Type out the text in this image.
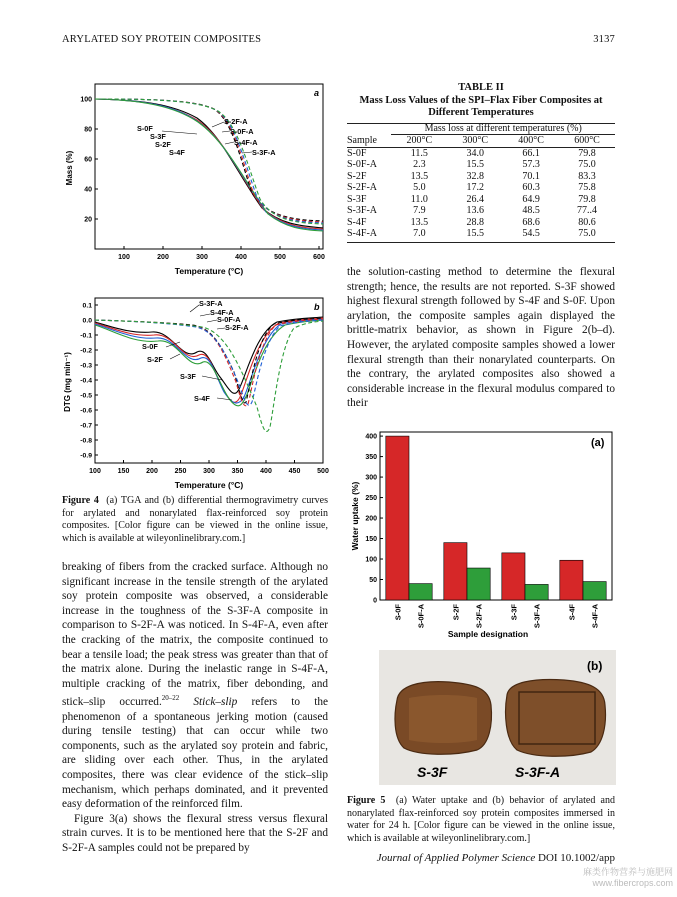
ARYLATED SOY PROTEIN COMPOSITES	3137
a
100
80
60
40
20
100	200	300	400	500	600
Mass (%)
Temperature (°C)
S-2F-A
S-0F	S-0F-A
S-3F
S-4F-A
S-2F
S-3F-A
S-4F
b
0.1
0.0
-0.1
-0.2
-0.3
-0.4
-0.5
-0.6
-0.7
-0.8
-0.9
100 150 200 250 300 350 400 450 500
DTG (mg min⁻¹)
Temperature (°C)
S-3F-A
S-4F-A
S-0F-A
S-2F-A
S-0F
S-2F
S-3F
S-4F
Figure 4 (a) TGA and (b) differential thermogravimetry curves for arylated and nonarylated flax-reinforced soy protein composites. [Color figure can be viewed in the online issue, which is available at wileyonlinelibrary.com.]
breaking of fibers from the cracked surface. Although no significant increase in the tensile strength of the arylated soy protein composite was observed, a considerable increase in the toughness of the S-3F-A composite in comparison to S-2F-A was noticed. In S-4F-A, even after the cracking of the matrix, the composite continued to bear a tensile load; the peak stress was greater than that of the matrix alone. During the inelastic range in S-4F-A, multiple cracking of the matrix, fiber debonding, and stick–slip occurred.$^{20-22}$ Stick–slip refers to the phenomenon of a spontaneous jerking motion (caused during tensile testing) that can occur while two components, such as the arylated soy protein and fabric, are sliding over each other. Thus, in the arylated composites, there was clear evidence of the stick–slip mechanism, which perhaps dominated, and it prevented easy deformation of the reinforced film.
Figure 3(a) shows the flexural stress versus flexural strain curves. It is to be mentioned here that the S-2F and S-2F-A samples could not be prepared by
TABLE II
Mass Loss Values of the SPI–Flax Fiber Composites at Different Temperatures
	Mass loss at different temperatures (%)			
Sample	200°C	300°C	400°C	600°C
S-0F	11.5	34.0	66.1	79.8
S-0F-A	2.3	15.5	57.3	75.0
S-2F	13.5	32.8	70.1	83.3
S-2F-A	5.0	17.2	60.3	75.8
S-3F	11.0	26.4	64.9	79.8
S-3F-A	7.9	13.6	48.5	77..4
S-4F	13.5	28.8	68.6	80.6
S-4F-A	7.0	15.5	54.5	75.0
the solution-casting method to determine the flexural strength; hence, the results are not reported. S-3F showed highest flexural strength followed by S-4F and S-0F. Upon arylation, the composite samples again displayed the brittle-matrix behavior, as shown in Figure 2(b–d). However, the arylated composite samples showed a lower flexural strength than their nonarylated counterparts. On the contrary, the arylated composites also showed a considerable increase in the flexural modulus compared to their
(a)
0
50
100
150
200
250
300
350
400
S-0F S-0F-A	S-2F S-2F-A	S-3F S-3F-A	S-4F S-4F-A
Water uptake (%)
Sample designation
(b)
S-3F	S-3F-A
Figure 5 (a) Water uptake and (b) behavior of arylated and nonarylated flax-reinforced soy protein composites immersed in water for 24 h. [Color figure can be viewed in the online issue, which is available at wileyonlinelibrary.com.]
Journal of Applied Polymer Science DOI 10.1002/app
麻类作物营养与施肥网
www.fibercrops.com
